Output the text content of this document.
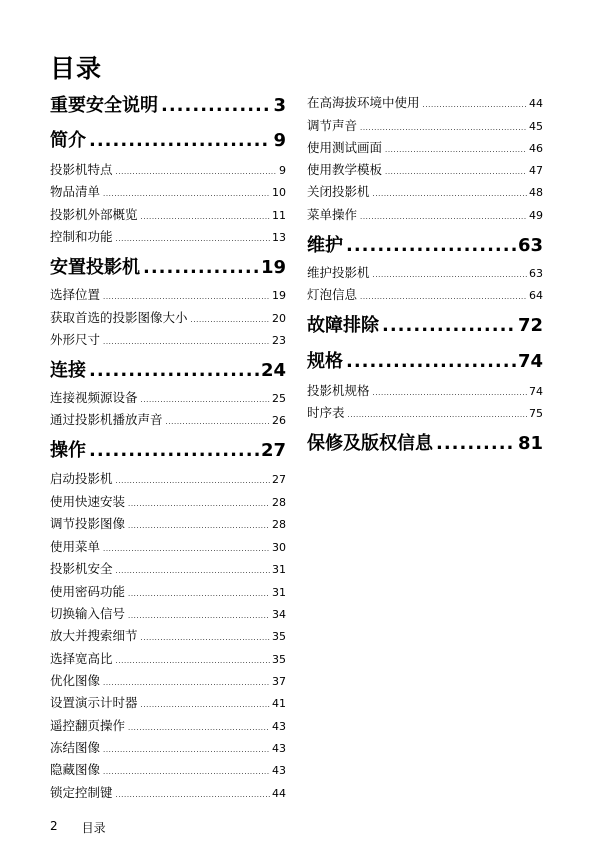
目录
重要安全说明 .....	3
简介 .....	9
投影机特点 .....	9
物品清单 .....	10
投影机外部概览 .....	11
控制和功能 .....	13
安置投影机 .....	19
选择位置 .....	19
获取首选的投影图像大小 .....	20
外形尺寸 .....	23
连接 .....	24
连接视频源设备 .....	25
通过投影机播放声音 .....	26
操作 .....	27
启动投影机 .....	27
使用快速安装 .....	28
调节投影图像 .....	28
使用菜单 .....	30
投影机安全 .....	31
使用密码功能 .....	31
切换输入信号 .....	34
放大并搜索细节 .....	35
选择宽高比 .....	35
优化图像 .....	37
设置演示计时器 .....	41
遥控翻页操作 .....	43
冻结图像 .....	43
隐藏图像 .....	43
锁定控制键 .....	44
在高海拔环境中使用 .....	44
调节声音 .....	45
使用测试画面 .....	46
使用教学模板 .....	47
关闭投影机 .....	48
菜单操作 .....	49
维护 .....	63
维护投影机 .....	63
灯泡信息 .....	64
故障排除 .....	72
规格 .....	74
投影机规格 .....	74
时序表 .....	75
保修及版权信息 .....	81
2 目录
